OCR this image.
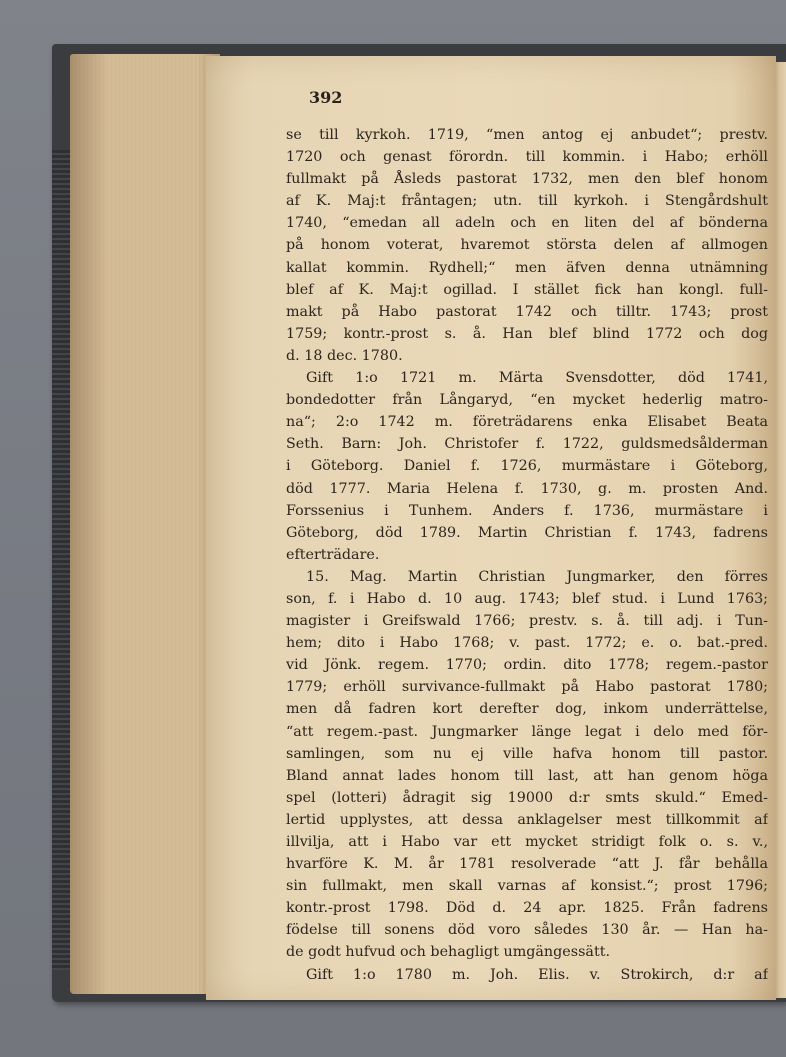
392
se till kyrkoh. 1719, “men antog ej anbudet“; prestv.
1720 och genast förordn. till kommin. i Habo; erhöll
fullmakt på Åsleds pastorat 1732, men den blef honom
af K. Maj:t fråntagen; utn. till kyrkoh. i Stengårdshult
1740, “emedan all adeln och en liten del af bönderna
på honom voterat, hvaremot största delen af allmogen
kallat kommin. Rydhell;“ men äfven denna utnämning
blef af K. Maj:t ogillad. I stället fick han kongl. full-
makt på Habo pastorat 1742 och tilltr. 1743; prost
1759; kontr.-prost s. å. Han blef blind 1772 och dog
d. 18 dec. 1780.
Gift 1:o 1721 m. Märta Svensdotter, död 1741,
bondedotter från Långaryd, “en mycket hederlig matro-
na“; 2:o 1742 m. företrädarens enka Elisabet Beata
Seth. Barn: Joh. Christofer f. 1722, guldsmedsålderman
i Göteborg. Daniel f. 1726, murmästare i Göteborg,
död 1777. Maria Helena f. 1730, g. m. prosten And.
Forssenius i Tunhem. Anders f. 1736, murmästare i
Göteborg, död 1789. Martin Christian f. 1743, fadrens
efterträdare.
15. Mag. Martin Christian Jungmarker, den förres
son, f. i Habo d. 10 aug. 1743; blef stud. i Lund 1763;
magister i Greifswald 1766; prestv. s. å. till adj. i Tun-
hem; dito i Habo 1768; v. past. 1772; e. o. bat.-pred.
vid Jönk. regem. 1770; ordin. dito 1778; regem.-pastor
1779; erhöll survivance-fullmakt på Habo pastorat 1780;
men då fadren kort derefter dog, inkom underrättelse,
“att regem.-past. Jungmarker länge legat i delo med för-
samlingen, som nu ej ville hafva honom till pastor.
Bland annat lades honom till last, att han genom höga
spel (lotteri) ådragit sig 19000 d:r smts skuld.“ Emed-
lertid upplystes, att dessa anklagelser mest tillkommit af
illvilja, att i Habo var ett mycket stridigt folk o. s. v.,
hvarföre K. M. år 1781 resolverade “att J. får behålla
sin fullmakt, men skall varnas af konsist.“; prost 1796;
kontr.-prost 1798. Död d. 24 apr. 1825. Från fadrens
födelse till sonens död voro således 130 år. — Han ha-
de godt hufvud och behagligt umgängessätt.
Gift 1:o 1780 m. Joh. Elis. v. Strokirch, d:r af
